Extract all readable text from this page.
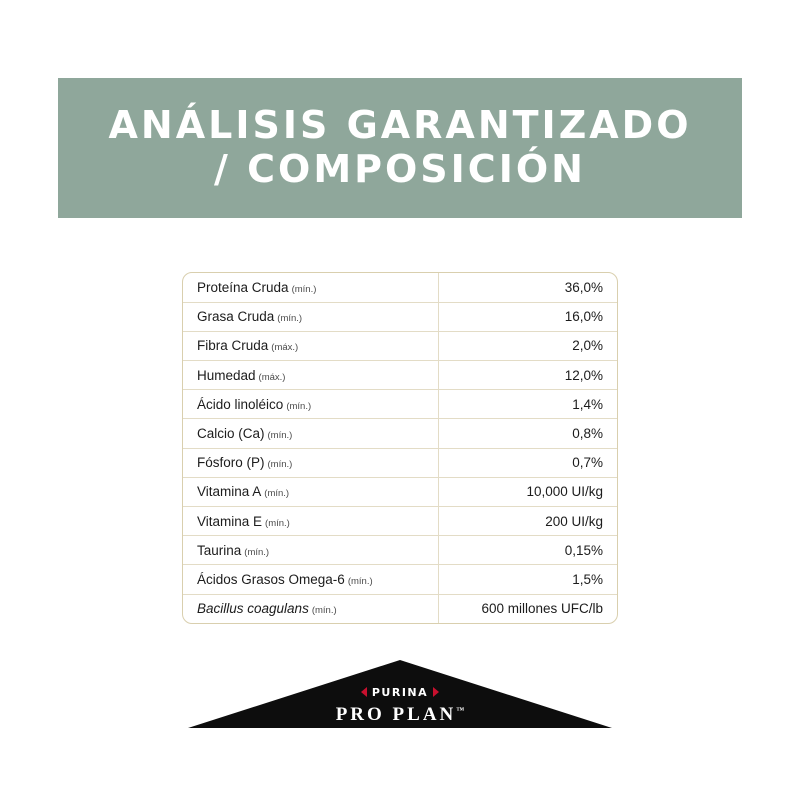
ANÁLISIS GARANTIZADO
/ COMPOSICIÓN
Proteína Cruda (mín.)	36,0%
Grasa Cruda (mín.)	16,0%
Fibra Cruda (máx.)	2,0%
Humedad (máx.)	12,0%
Ácido linoléico (mín.)	1,4%
Calcio (Ca) (mín.)	0,8%
Fósforo (P) (mín.)	0,7%
Vitamina A (mín.)	10,000 UI/kg
Vitamina E (mín.)	200 UI/kg
Taurina (mín.)	0,15%
Ácidos Grasos Omega-6 (mín.)	1,5%
Bacillus coagulans (mín.)	600 millones UFC/lb
PURINA
PRO PLAN™
